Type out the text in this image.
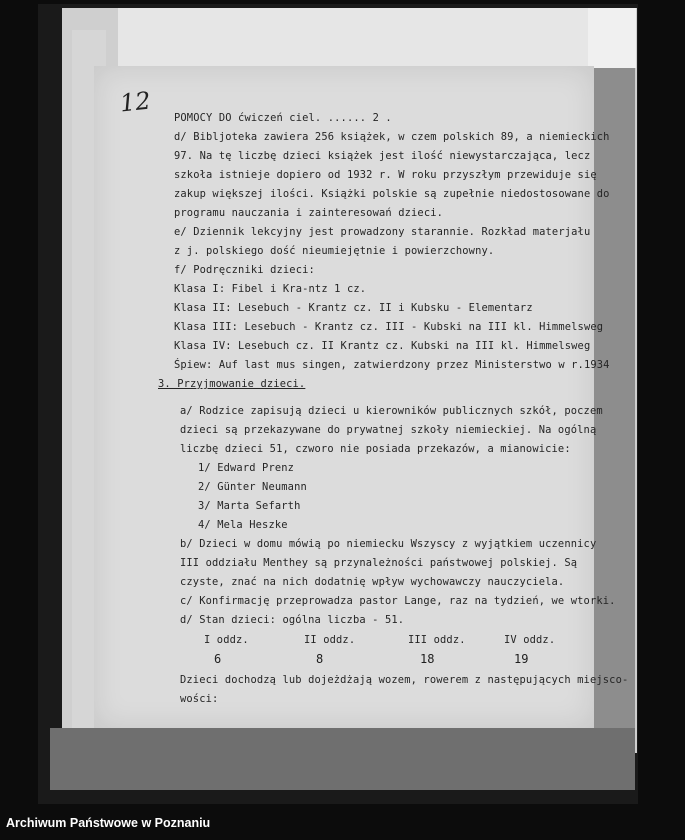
12
POMOCY DO ćwiczeń ciel. ...... 2 .
d/ Bibljoteka zawiera 256 książek, w czem polskich 89, a niemieckich
97. Na tę liczbę dzieci książek jest ilość niewystarczająca, lecz
szkoła istnieje dopiero od 1932 r. W roku przyszłym przewiduje się
zakup większej ilości. Książki polskie są zupełnie niedostosowane do
programu nauczania i zainteresowań dzieci.
e/ Dziennik lekcyjny jest prowadzony starannie. Rozkład materjału
z j. polskiego dość nieumiejętnie i powierzchowny.
f/ Podręczniki dzieci:
Klasa I: Fibel i Kra-ntz 1 cz.
Klasa II: Lesebuch - Krantz cz. II i Kubsku - Elementarz
Klasa III: Lesebuch - Krantz cz. III - Kubski na III kl. Himmelsweg
Klasa IV: Lesebuch cz. II Krantz cz. Kubski na III kl. Himmelsweg
Śpiew: Auf last mus singen, zatwierdzony przez Ministerstwo w r.1934
3. Przyjmowanie dzieci.
a/ Rodzice zapisują dzieci u kierowników publicznych szkół, poczem
dzieci są przekazywane do prywatnej szkoły niemieckiej. Na ogólną
liczbę dzieci 51, czworo nie posiada przekazów, a mianowicie:
1/ Edward Prenz
2/ Günter Neumann
3/ Marta Sefarth
4/ Mela Heszke
b/ Dzieci w domu mówią po niemiecku Wszyscy z wyjątkiem uczennicy
III oddziału Menthey są przynależności państwowej polskiej. Są
czyste, znać na nich dodatnię wpływ wychowawczy nauczyciela.
c/ Konfirmację przeprowadza pastor Lange, raz na tydzień, we wtorki.
d/ Stan dzieci: ogólna liczba - 51.
I oddz.	II oddz.	III oddz.	IV oddz.
6	8	18	19
Dzieci dochodzą lub dojeżdżają wozem, rowerem z następujących miejsco-
wości:
Archiwum Państwowe w Poznaniu
